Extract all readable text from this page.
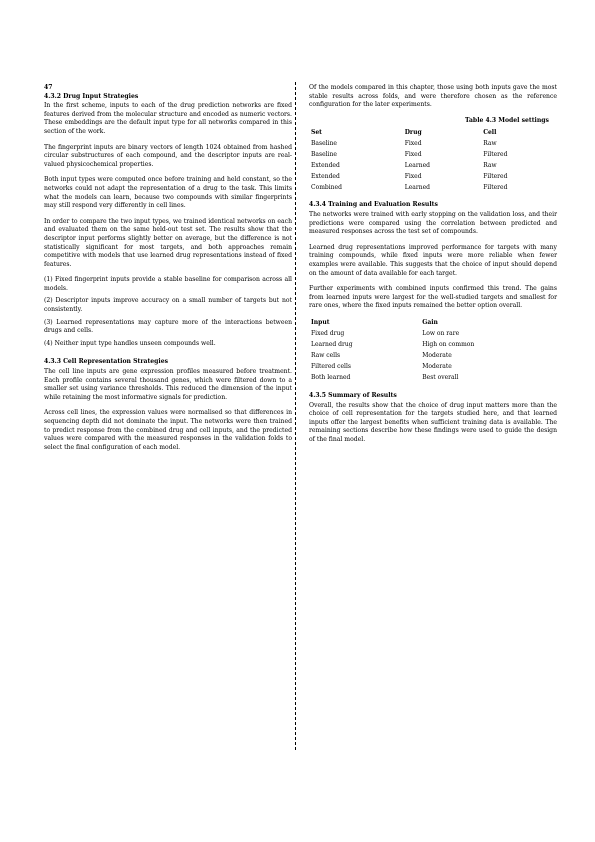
47
4.3.2 Drug Input Strategies

In the first scheme, inputs to each of the drug prediction networks are fixed features derived from the molecular structure and encoded as numeric vectors. These embeddings are the default input type for all networks compared in this section of the work.

The fingerprint inputs are binary vectors of length 1024 obtained from hashed circular substructures of each compound, and the descriptor inputs are real-valued physicochemical properties.

Both input types were computed once before training and held constant, so the networks could not adapt the representation of a drug to the task. This limits what the models can learn, because two compounds with similar fingerprints may still respond very differently in cell lines.

In order to compare the two input types, we trained identical networks on each and evaluated them on the same held-out test set. The results show that the descriptor input performs slightly better on average, but the difference is not statistically significant for most targets, and both approaches remain competitive with models that use learned drug representations instead of fixed features.

(1) Fixed fingerprint inputs provide a stable baseline for comparison across all models.

(2) Descriptor inputs improve accuracy on a small number of targets but not consistently.

(3) Learned representations may capture more of the interactions between drugs and cells.

(4) Neither input type handles unseen compounds well.

4.3.3 Cell Representation Strategies

The cell line inputs are gene expression profiles measured before treatment. Each profile contains several thousand genes, which were filtered down to a smaller set using variance thresholds. This reduced the dimension of the input while retaining the most informative signals for prediction.

Across cell lines, the expression values were normalised so that differences in sequencing depth did not dominate the input. The networks were then trained to predict response from the combined drug and cell inputs, and the predicted values were compared with the measured responses in the validation folds to select the final configuration of each model.

Of the models compared in this chapter, those using both inputs gave the most stable results across folds, and were therefore chosen as the reference configuration for the later experiments.

Table 4.3 Model settings
Set	Drug	Cell
Baseline	Fixed	Raw
Baseline	Fixed	Filtered
Extended	Learned	Raw
Extended	Fixed	Filtered
Combined	Learned	Filtered
4.3.4 Training and Evaluation Results

The networks were trained with early stopping on the validation loss, and their predictions were compared using the correlation between predicted and measured responses across the test set of compounds.

Learned drug representations improved performance for targets with many training compounds, while fixed inputs were more reliable when fewer examples were available. This suggests that the choice of input should depend on the amount of data available for each target.

Further experiments with combined inputs confirmed this trend. The gains from learned inputs were largest for the well-studied targets and smallest for rare ones, where the fixed inputs remained the better option overall.

Input	Gain
Fixed drug	Low on rare
Learned drug	High on common
Raw cells	Moderate
Filtered cells	Moderate
Both learned	Best overall
4.3.5 Summary of Results

Overall, the results show that the choice of drug input matters more than the choice of cell representation for the targets studied here, and that learned inputs offer the largest benefits when sufficient training data is available. The remaining sections describe how these findings were used to guide the design of the final model.
